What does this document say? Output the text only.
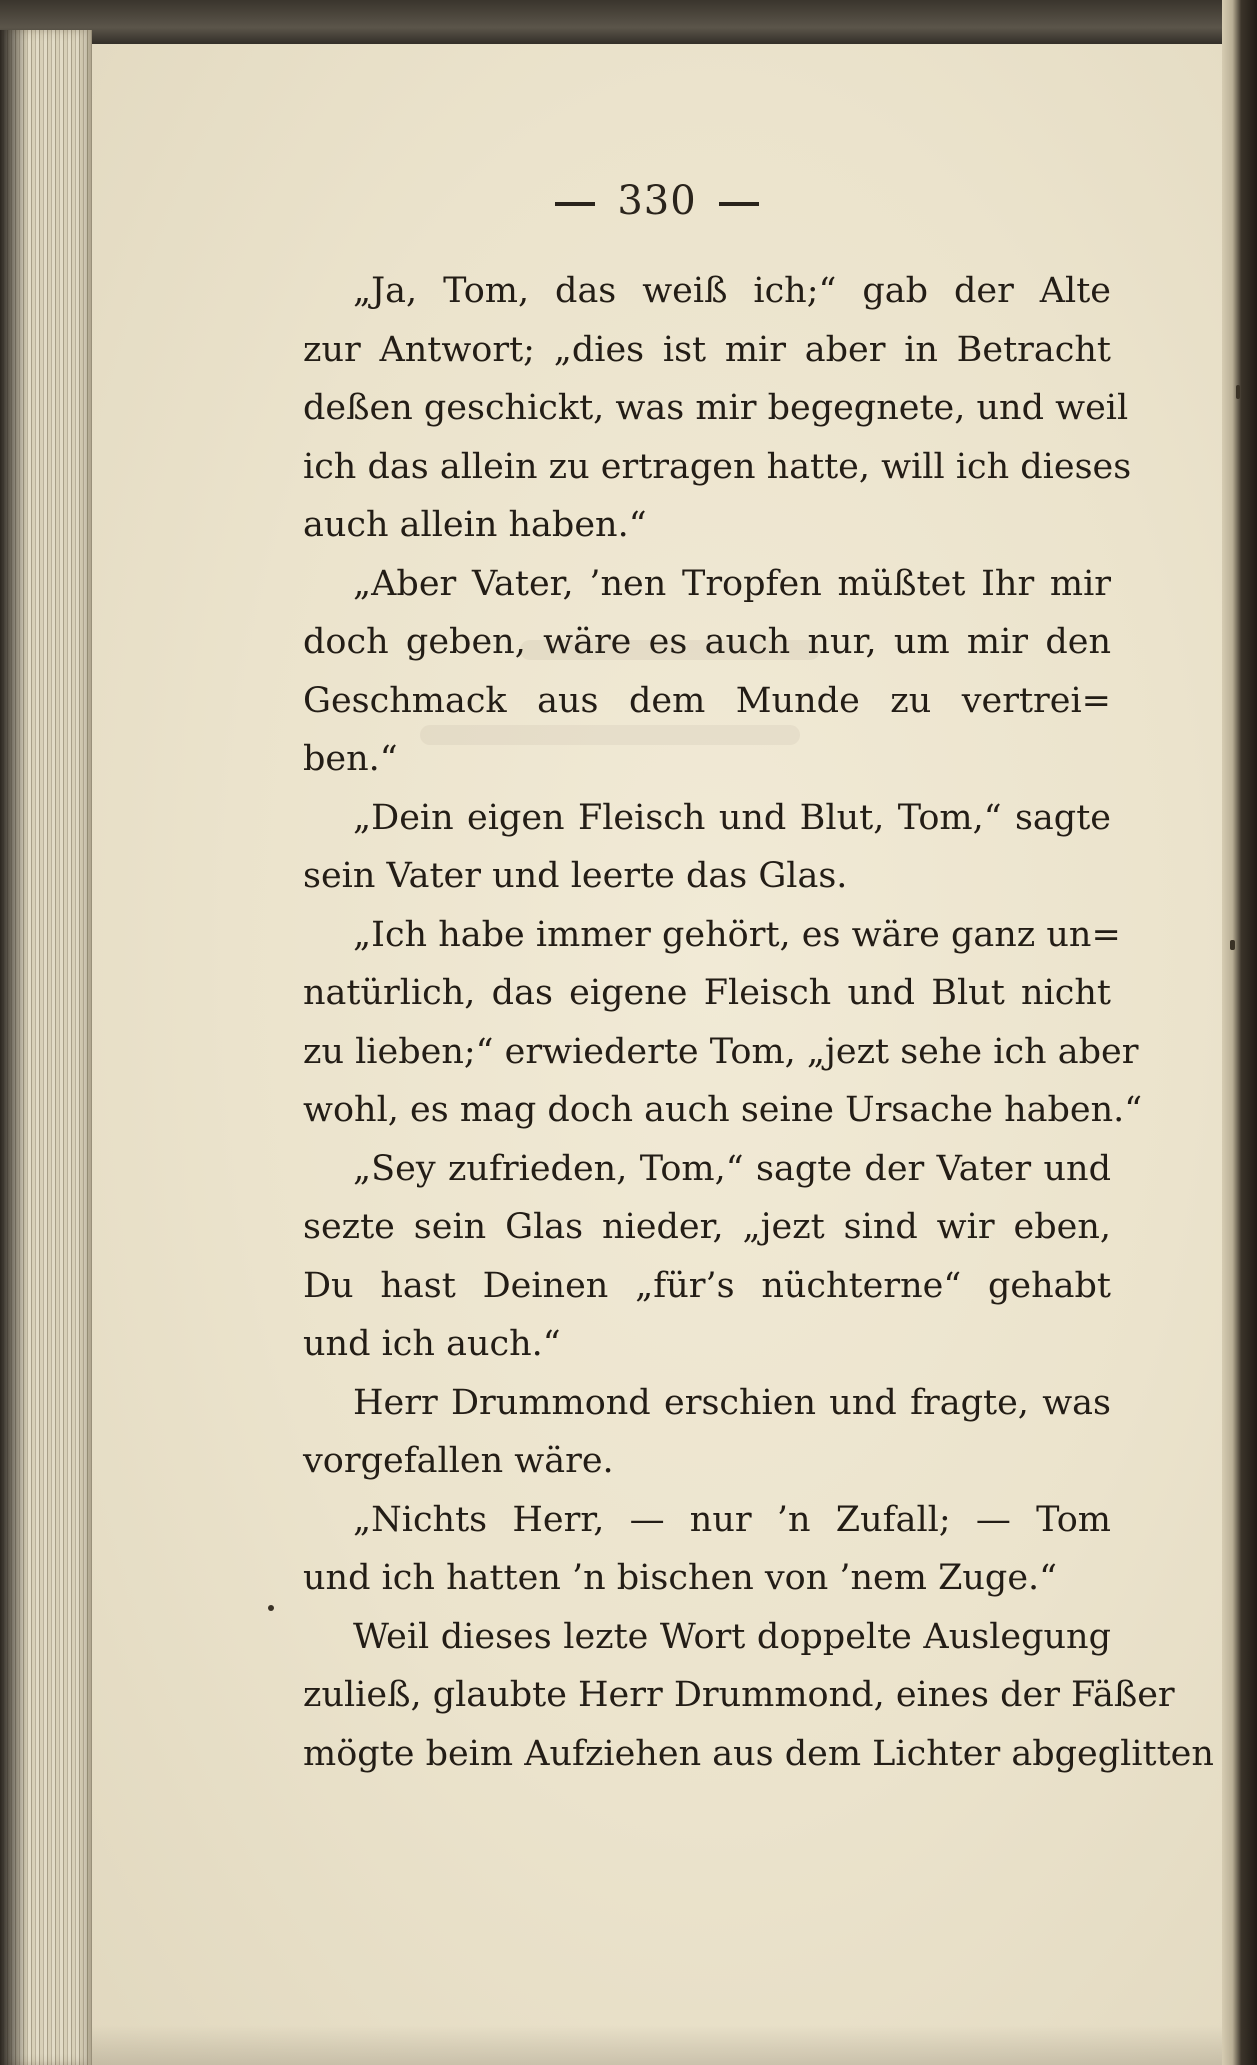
330
„Ja, Tom, das weiß ich;“ gab der Alte
zur Antwort; „dies ist mir aber in Betracht
deßen geschickt, was mir begegnete, und weil
ich das allein zu ertragen hatte, will ich dieses
auch allein haben.“
„Aber Vater, ’nen Tropfen müßtet Ihr mir
doch geben, wäre es auch nur, um mir den
Geschmack aus dem Munde zu vertrei=
ben.“
„Dein eigen Fleisch und Blut, Tom,“ sagte
sein Vater und leerte das Glas.
„Ich habe immer gehört, es wäre ganz un=
natürlich, das eigene Fleisch und Blut nicht
zu lieben;“ erwiederte Tom, „jezt sehe ich aber
wohl, es mag doch auch seine Ursache haben.“
„Sey zufrieden, Tom,“ sagte der Vater und
sezte sein Glas nieder, „jezt sind wir eben,
Du hast Deinen „für’s nüchterne“ gehabt
und ich auch.“
Herr Drummond erschien und fragte, was
vorgefallen wäre.
„Nichts Herr, — nur ’n Zufall; — Tom
und ich hatten ’n bischen von ’nem Zuge.“
Weil dieses lezte Wort doppelte Auslegung
zuließ, glaubte Herr Drummond, eines der Fäßer
mögte beim Aufziehen aus dem Lichter abgeglitten
